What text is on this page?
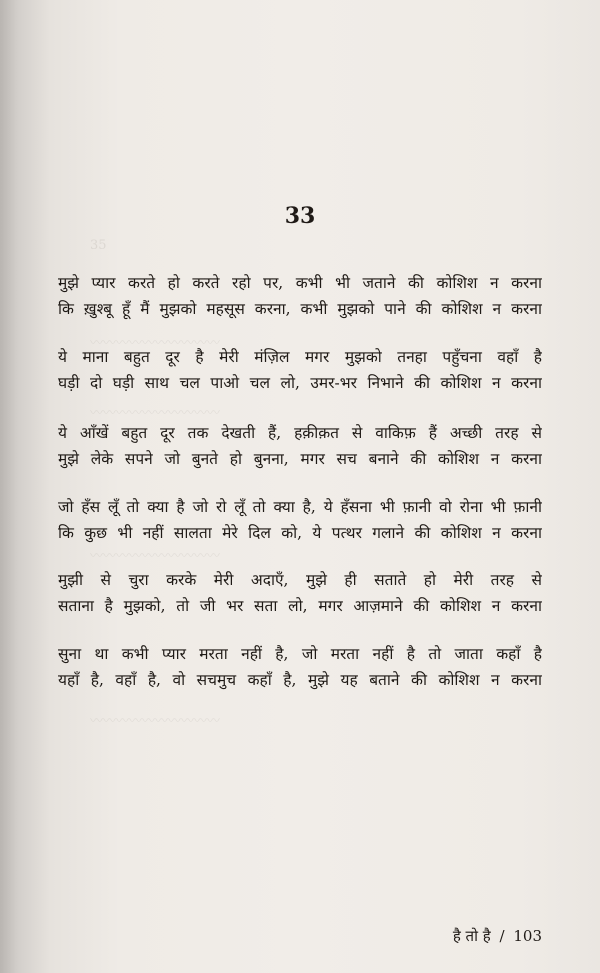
35
〰〰〰〰〰〰〰〰〰〰
〰〰〰〰〰〰〰〰〰〰
〰〰〰〰〰〰〰〰〰〰
〰〰〰〰〰〰〰〰〰〰
33
मुझे प्यार करते हो करते रहो पर, कभी भी जताने की कोशिश न करना
कि ख़ुश्बू हूँ मैं मुझको महसूस करना, कभी मुझको पाने की कोशिश न करना
ये माना बहुत दूर है मेरी मंज़िल मगर मुझको तनहा पहुँचना वहाँ है
घड़ी दो घड़ी साथ चल पाओ चल लो, उमर-भर निभाने की कोशिश न करना
ये आँखें बहुत दूर तक देखती हैं, हक़ीक़त से वाकिफ़ हैं अच्छी तरह से
मुझे लेके सपने जो बुनते हो बुनना, मगर सच बनाने की कोशिश न करना
जो हँस लूँ तो क्या है जो रो लूँ तो क्या है, ये हँसना भी फ़ानी वो रोना भी फ़ानी
कि कुछ भी नहीं सालता मेरे दिल को, ये पत्थर गलाने की कोशिश न करना
मुझी से चुरा करके मेरी अदाएँ, मुझे ही सताते हो मेरी तरह से
सताना है मुझको, तो जी भर सता लो, मगर आज़माने की कोशिश न करना
सुना था कभी प्यार मरता नहीं है, जो मरता नहीं है तो जाता कहाँ है
यहाँ है, वहाँ है, वो सचमुच कहाँ है, मुझे यह बताने की कोशिश न करना
है तो है / 103
